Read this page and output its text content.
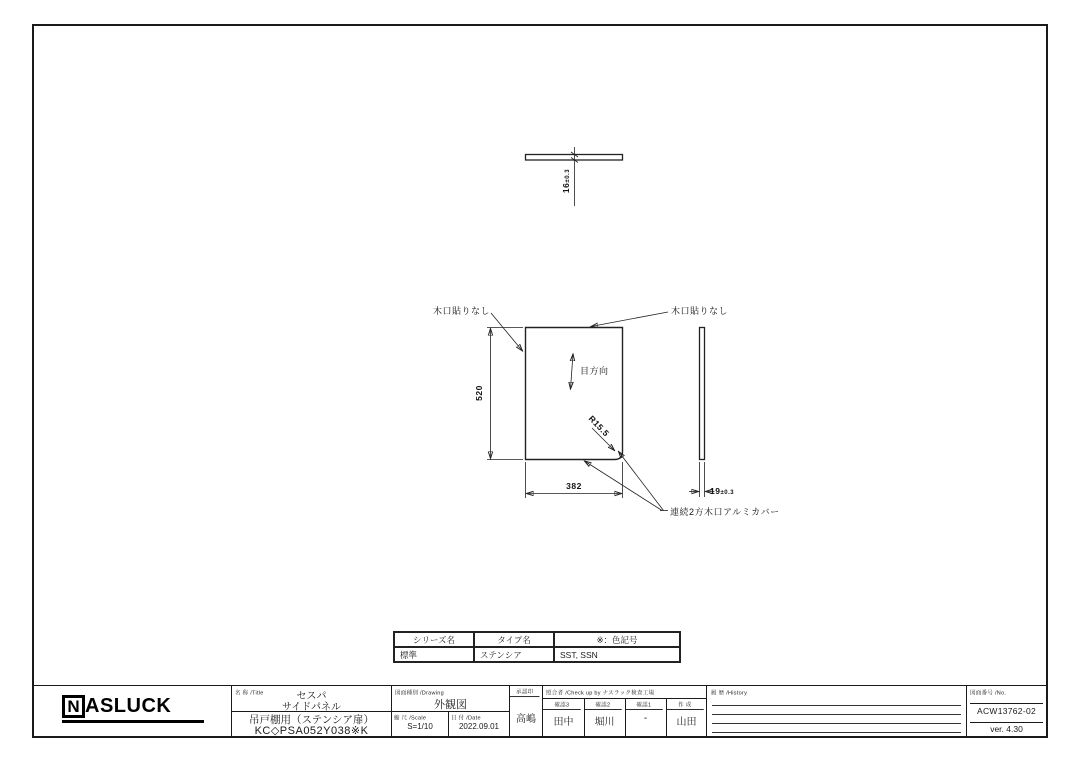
N ASLUCK
名 称 /Title	セスパ
サイドパネル
吊戸棚用（ステンシア扉）
KC◇PSA052Y038※K
図面種別 /Drawing
外観図
縮 尺 /Scale
S=1/10
日 付 /Date
2022.09.01
承認印
高嶋
照合者 /Check up by ナスラック検査工場
確認3	確認2	確認1	作 成
田中	堀川	-	山田
履 歴 /History	図面番号 /No.
ACW13762-02
ver. 4.30
16±0.3
520
382
目方向
R15.5
木口貼りなし	木口貼りなし
連続2方木口アルミカバー
19±0.3
シリーズ名	タイプ名	※：色記号
標準	ステンシア	SST, SSN
